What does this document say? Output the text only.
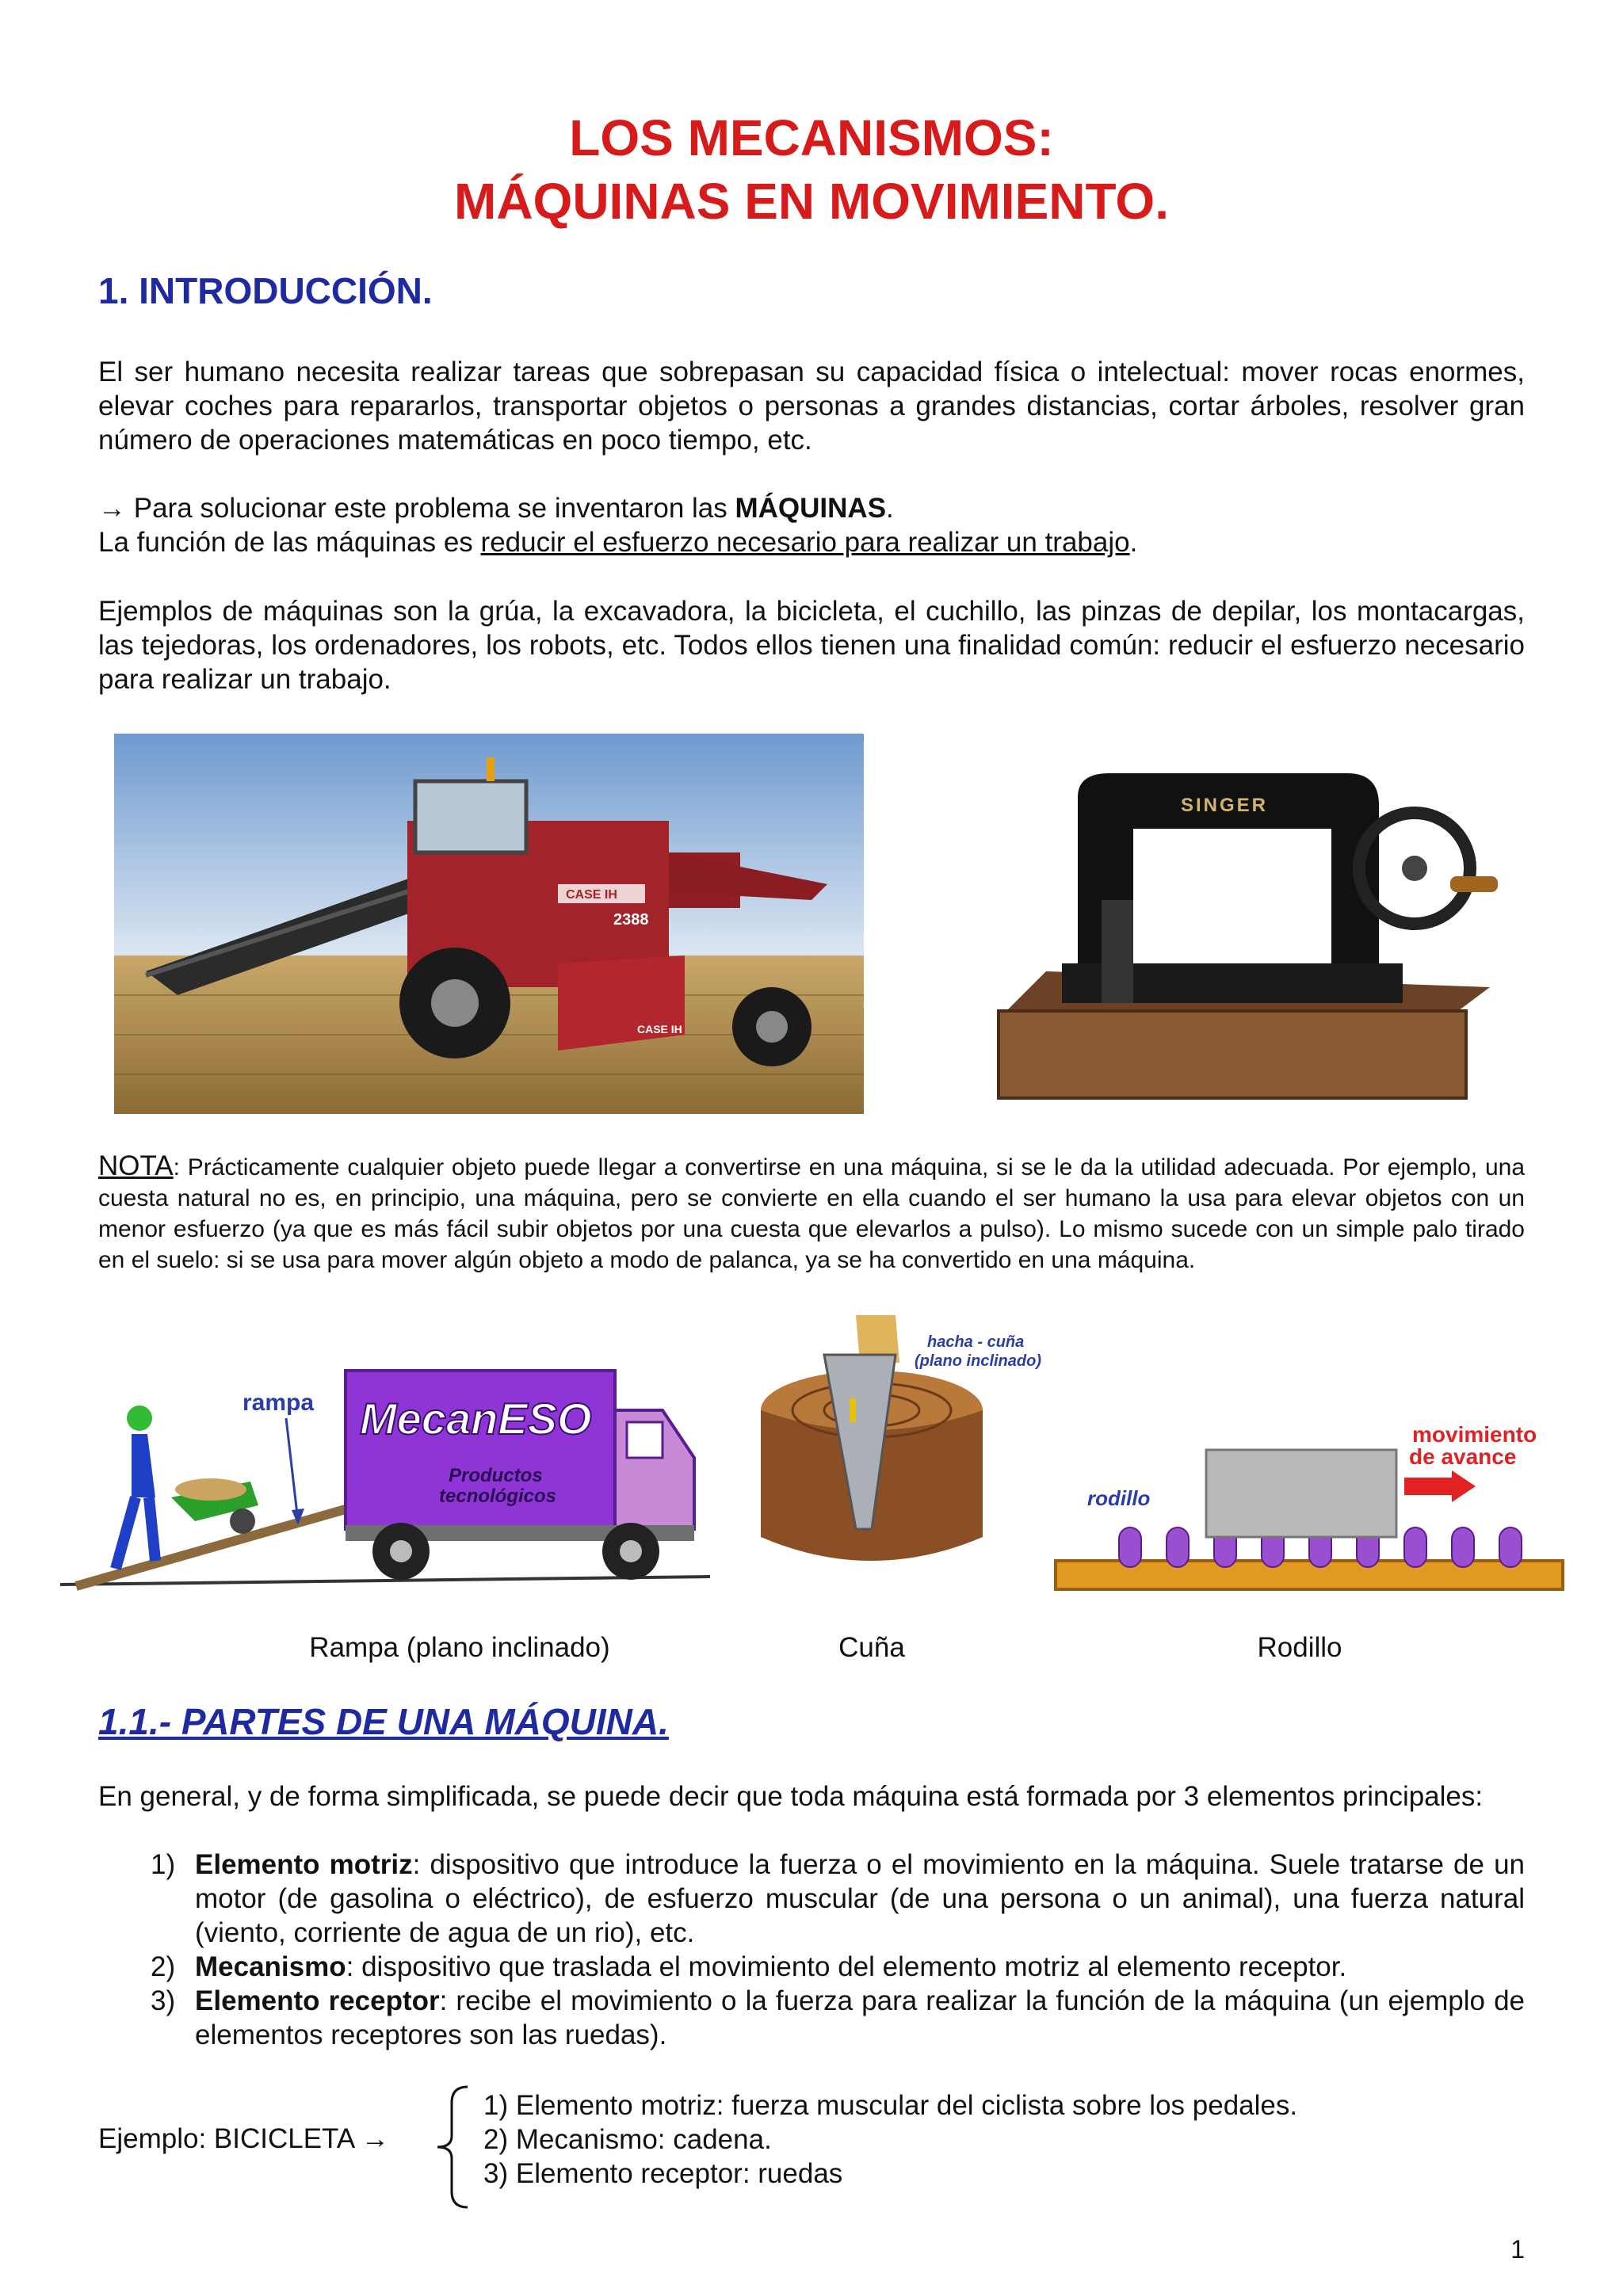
LOS MECANISMOS:
MÁQUINAS EN MOVIMIENTO.
1. INTRODUCCIÓN.
El ser humano necesita realizar tareas que sobrepasan su capacidad física o intelectual: mover rocas enormes, elevar coches para repararlos, transportar objetos o personas a grandes distancias, cortar árboles, resolver gran número de operaciones matemáticas en poco tiempo, etc.
→ Para solucionar este problema se inventaron las MÁQUINAS.
La función de las máquinas es reducir el esfuerzo necesario para realizar un trabajo.
Ejemplos de máquinas son la grúa, la excavadora, la bicicleta, el cuchillo, las pinzas de depilar, los montacargas, las tejedoras, los ordenadores, los robots, etc. Todos ellos tienen una finalidad común: reducir el esfuerzo necesario para realizar un trabajo.
2388
CASE IH
CASE IH
SINGER
NOTA: Prácticamente cualquier objeto puede llegar a convertirse en una máquina, si se le da la utilidad adecuada. Por ejemplo, una cuesta natural no es, en principio, una máquina, pero se convierte en ella cuando el ser humano la usa para elevar objetos con un menor esfuerzo (ya que es más fácil subir objetos por una cuesta que elevarlos a pulso). Lo mismo sucede con un simple palo tirado en el suelo: si se usa para mover algún objeto a modo de palanca, ya se ha convertido en una máquina.
MecanESO
Productos
tecnológicos
rampa
hacha - cuña
(plano inclinado)
movimiento
de avance
rodillo
Rampa (plano inclinado)	Cuña	Rodillo
1.1.- PARTES DE UNA MÁQUINA.
En general, y de forma simplificada, se puede decir que toda máquina está formada por 3 elementos principales:
1) Elemento motriz: dispositivo que introduce la fuerza o el movimiento en la máquina. Suele tratarse de un motor (de gasolina o eléctrico), de esfuerzo muscular (de una persona o un animal), una fuerza natural (viento, corriente de agua de un rio), etc.
2) Mecanismo: dispositivo que traslada el movimiento del elemento motriz al elemento receptor.
3) Elemento receptor: recibe el movimiento o la fuerza para realizar la función de la máquina (un ejemplo de elementos receptores son las ruedas).
Ejemplo: BICICLETA →
1) Elemento motriz: fuerza muscular del ciclista sobre los pedales.
2) Mecanismo: cadena.
3) Elemento receptor: ruedas
1
